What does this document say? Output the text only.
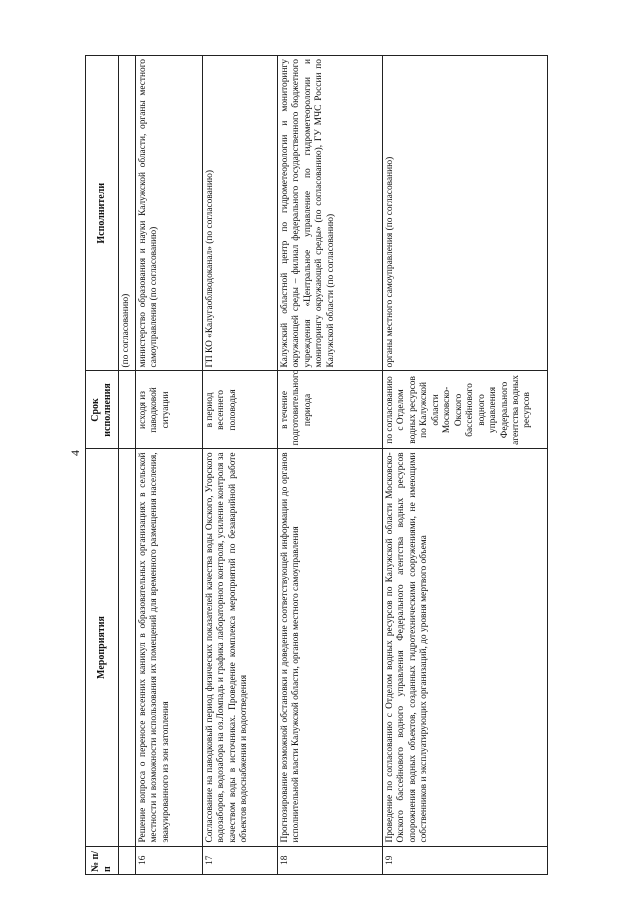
4
№ п/п	Мероприятия	Срок исполнения	Исполнители
			(по согласованию)
16	Решение вопроса о переносе весенних каникул в образовательных организациях в сельской местности и возможности использования их помещений для временного размещения населения, эвакуированного из зон затопления	исходя из паводковой ситуации	министерство образования и науки Калужской области, органы местного самоуправления (по согласованию)
17	Согласование на паводковый период физических показателей качества воды Окского, Угорского водозаборов, водозабора на оз.Ломпадь и графика лабораторного контроля, усиление контроля за качеством воды в источниках. Проведение комплекса мероприятий по безаварийной работе объектов водоснабжения и водоотведения	в период весеннего половодья	ГП КО «Калугаоблводоканал» (по согласованию)
18	Прогнозирование возможной обстановки и доведение соответствующей информации до органов исполнительной власти Калужской области, органов местного самоуправления	в течение подготовительного периода	Калужский областной центр по гидрометеорологии и мониторингу окружающей среды – филиал федерального государственного бюджетного учреждения «Центральное управление по гидрометеорологии и мониторингу окружающей среды» (по согласованию), ГУ МЧС России по Калужской области (по согласованию)
19	Проведение по согласованию с Отделом водных ресурсов по Калужской области Московско-Окского бассейнового водного управления Федерального агентства водных ресурсов опорожнения водных объектов, созданных гидротехническими сооружениями, не имеющими собственников и эксплуатирующих организаций, до уровня мертвого объема	по согласованию с Отделом водных ресурсов по Калужской области Московско-Окского бассейнового водного управления Федерального агентства водных ресурсов	органы местного самоуправления (по согласованию)
